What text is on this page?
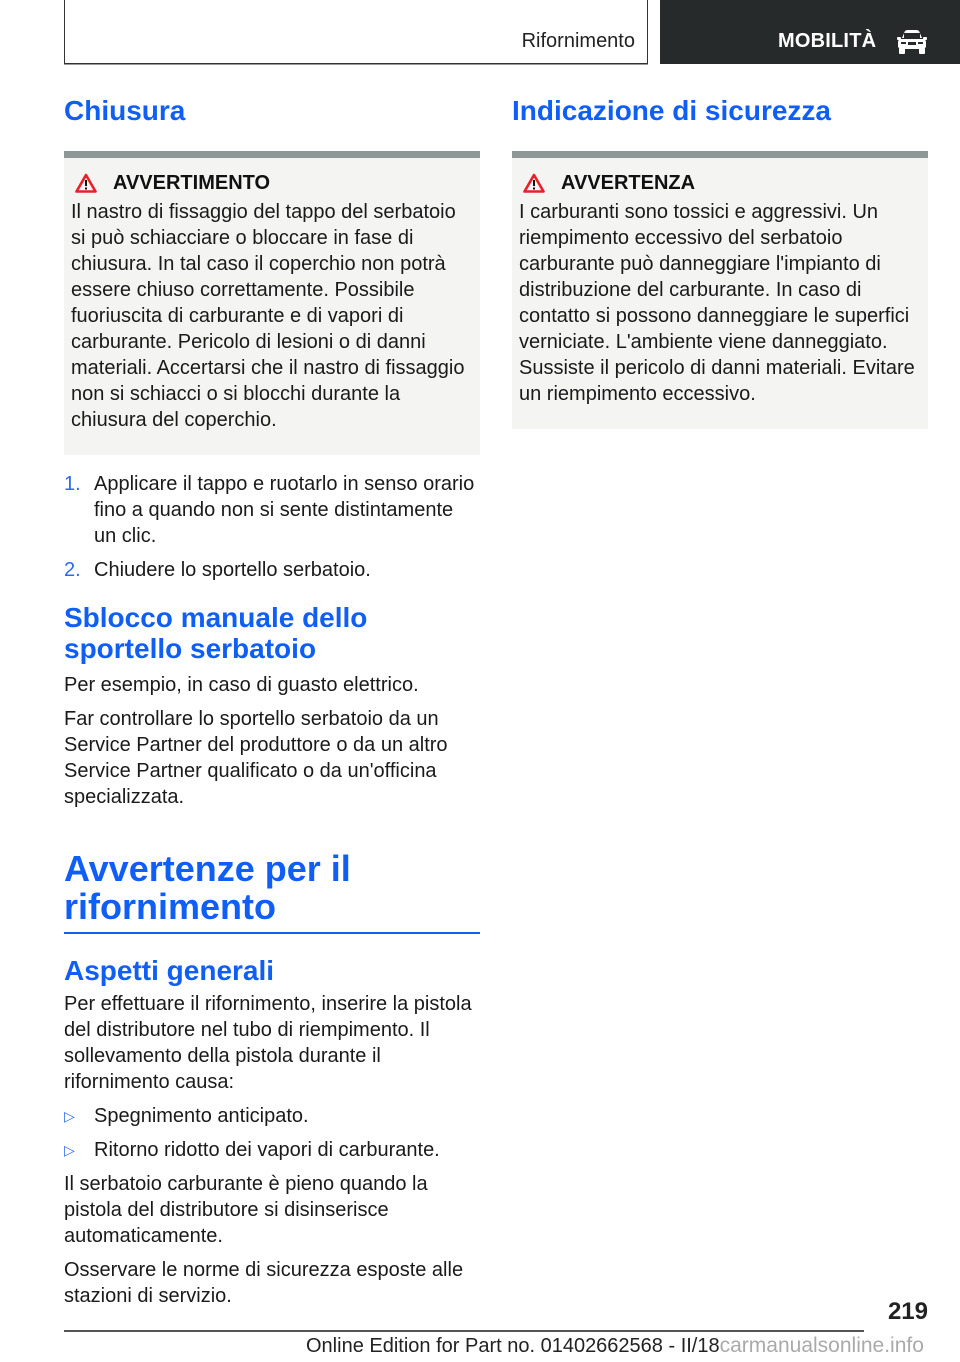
Rifornimento	MOBILITÀ
Chiusura
AVVERTIMENTO

Il nastro di fissaggio del tappo del serbatoio si può schiacciare o bloccare in fase di chiusura. In tal caso il coperchio non potrà essere chiuso correttamente. Possibile fuoriuscita di carburante e di vapori di carburante. Pericolo di lesioni o di danni materiali. Accertarsi che il nastro di fissaggio non si schiacci o si blocchi durante la chiusura del coperchio.

1. Applicare il tappo e ruotarlo in senso orario fino a quando non si sente distintamente un clic.
2. Chiudere lo sportello serbatoio.
Sblocco manuale dello sportello serbatoio

Per esempio, in caso di guasto elettrico.

Far controllare lo sportello serbatoio da un Service Partner del produttore o da un altro Service Partner qualificato o da un'officina specializzata.

Avvertenze per il rifornimento
Aspetti generali

Per effettuare il rifornimento, inserire la pistola del distributore nel tubo di riempimento. Il sollevamento della pistola durante il rifornimento causa:

▷ Spegnimento anticipato.
▷ Ritorno ridotto dei vapori di carburante.

Il serbatoio carburante è pieno quando la pistola del distributore si disinserisce automaticamente.

Osservare le norme di sicurezza esposte alle stazioni di servizio.

Indicazione di sicurezza
AVVERTENZA

I carburanti sono tossici e aggressivi. Un riempimento eccessivo del serbatoio carburante può danneggiare l'impianto di distribuzione del carburante. In caso di contatto si possono danneggiare le superfici verniciate. L'ambiente viene danneggiato. Sussiste il pericolo di danni materiali. Evitare un riempimento eccessivo.

219
Online Edition for Part no. 01402662568 - II/18carmanualsonline.info
